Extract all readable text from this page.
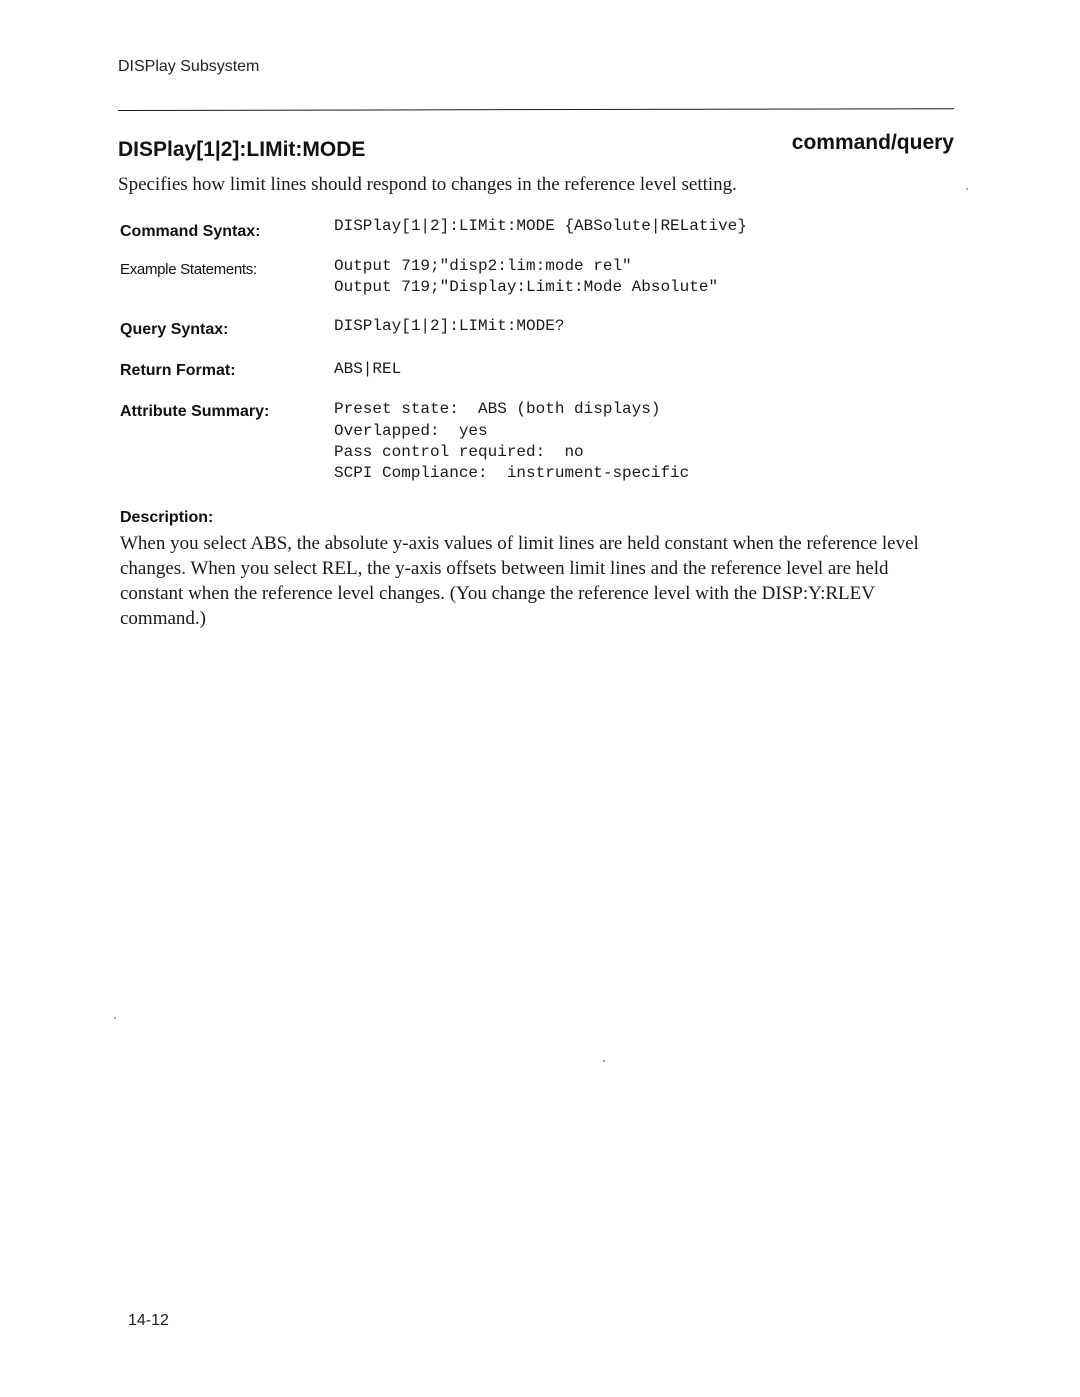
DISPlay Subsystem
DISPlay[1|2]:LIMit:MODE	command/query
Specifies how limit lines should respond to changes in the reference level setting.
Command Syntax:	DISPlay[1|2]:LIMit:MODE {ABSolute|RELative}
Example Statements:	Output 719;"disp2:lim:mode rel"
Output 719;"Display:Limit:Mode Absolute"
Query Syntax:	DISPlay[1|2]:LIMit:MODE?
Return Format:	ABS|REL
Attribute Summary:	Preset state:  ABS (both displays)
Overlapped:  yes
Pass control required:  no
SCPI Compliance:  instrument-specific
Description:
When you select ABS, the absolute y-axis values of limit lines are held constant when the reference level changes. When you select REL, the y-axis offsets between limit lines and the reference level are held constant when the reference level changes. (You change the reference level with the DISP:Y:RLEV command.)
14-12
